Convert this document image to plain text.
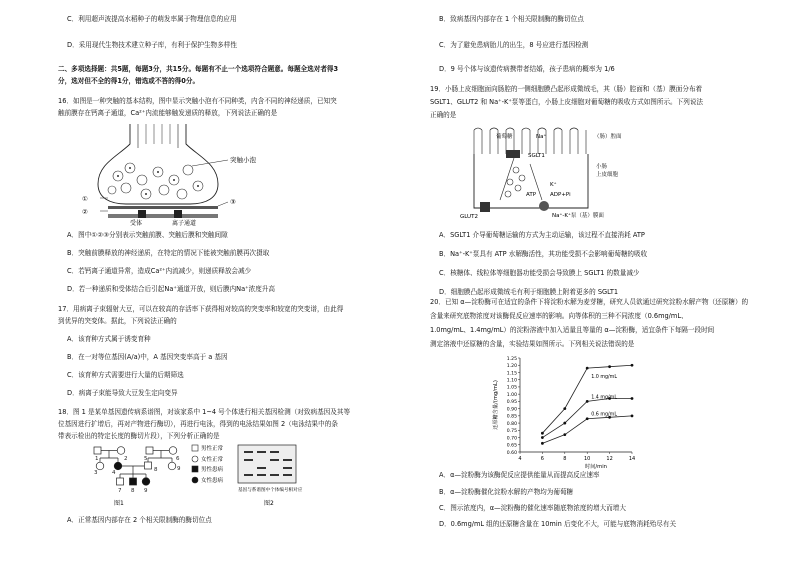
C．利用超声波提高水稻种子的萌发率属于物理信息的应用
D．采用现代生物技术建立种子库，有利于保护生物多样性
二、多项选择题：共5题，每题3分，共15分。每题有不止一个选项符合题意。每题全选对者得3
分，选对但不全的得1分，错选或不答的得0分。
16．如图是一种突触的基本结构，图中显示突触小泡有不同种类，内含不同的神经递质，已知突
触前膜存在钙离子通道，Ca²⁺内流能够触发递质的释放，下列说法正确的是
突触小泡
①
②
③
受体	离子通道
A．图中①②③分别表示突触前膜、突触后膜和突触间隙
B．突触前膜释放的神经递质，在特定的情况下能被突触前膜再次摄取
C．若钙离子通道异常，造成Ca²⁺内流减少，则递质释放会减少
D．若一种递质和受体结合后引起Na⁺通道开放，则后膜内Na⁺浓度升高
17．用病离子束辐射大豆，可以在较高的存活率下获得相对较高的突变率和较宽的突变谱，由此得
到优异的突变体。据此，下列说法正确的
A．该育种方式属于诱变育种
B．在一对等位基因(A/a)中，A 基因突变率高于 a 基因
C．该育种方式需要进行大量的后期筛选
D．病离子束能导致大豆发生定向变异
18．图 1 是某单基因遗传病系谱图，对该家系中 1~4 号个体进行相关基因检测（对致病基因及其等
位基因进行扩增后，再对产物进行酶切），再进行电泳，得到的电泳结果如图 2（电泳结果中的条
带表示检出的特定长度的酶切片段），下列分析正确的是
1	2	5	6
3	4	8	9
7 8 9
图1
男性正常
女性正常
男性患病
女性患病
基因与系谱图中个体编号相对应
图2
A．正常基因内部存在 2 个相关限制酶的酶切位点
B．致病基因内部存在 1 个相关限制酶的酶切位点
C．为了避免患病胎儿的出生，8 号应进行基因检测
D．9 号个体与该遗传病携带者结婚，孩子患病的概率为 1/6
19．小肠上皮细胞面向肠腔的一侧细胞膜凸起形成微绒毛，其（肠）腔面和（基）膜面分布着
SGLT1、GLUT2 和 Na⁺-K⁺泵等蛋白，小肠上皮细胞对葡萄糖的吸收方式如图所示。下列说法
正确的是
SGLT1
葡萄糖	Na⁺	（肠）腔面
小肠
上皮细胞
GLUT2
ATP	ADP+Pi
K⁺
Na⁺-K⁺泵（基）膜面
A．SGLT1 介导葡萄糖运输的方式为主动运输，该过程不直接消耗 ATP
B．Na⁺-K⁺泵具有 ATP 水解酶活性，其功能受损不会影响葡萄糖的吸收
C．核糖体、线粒体等细胞器功能受损会导致膜上 SGLT1 的数量减少
D．细胞膜凸起形成微绒毛有利于细胞膜上附着更多的 SGLT1
20．已知 α—淀粉酶可在适宜的条件下将淀粉水解为麦芽糖，研究人员欲通过研究淀粉水解产物（还原糖）的
含量来研究底物浓度对该酶促反应速率的影响。向等体积的三种不同浓度（0.6mg/mL、
1.0mg/mL、1.4mg/mL）的淀粉溶液中加入适量且等量的 α—淀粉酶，适宜条件下每隔一段时间
测定溶液中还原糖的含量，实验结果如图所示。下列相关说法错误的是
0.60
0.65
0.70
0.75
0.80
0.85
0.90
0.95
1.00
1.05
1.10
1.15
1.20
1.25
4	6	8	10	12	14
时间/min
还原糖含量/(mg/mL)
1.0 mg/mL
1.4 mg/mL
0.6 mg/mL
A．α—淀粉酶为该酶促反应提供能量从而提高反应速率
B．α—淀粉酶催化淀粉水解的产物均为葡萄糖
C．图示浓度内，α—淀粉酶的催化速率随底物浓度的增大而增大
D．0.6mg/mL 组的还原糖含量在 10min 后变化不大，可能与底物消耗殆尽有关
